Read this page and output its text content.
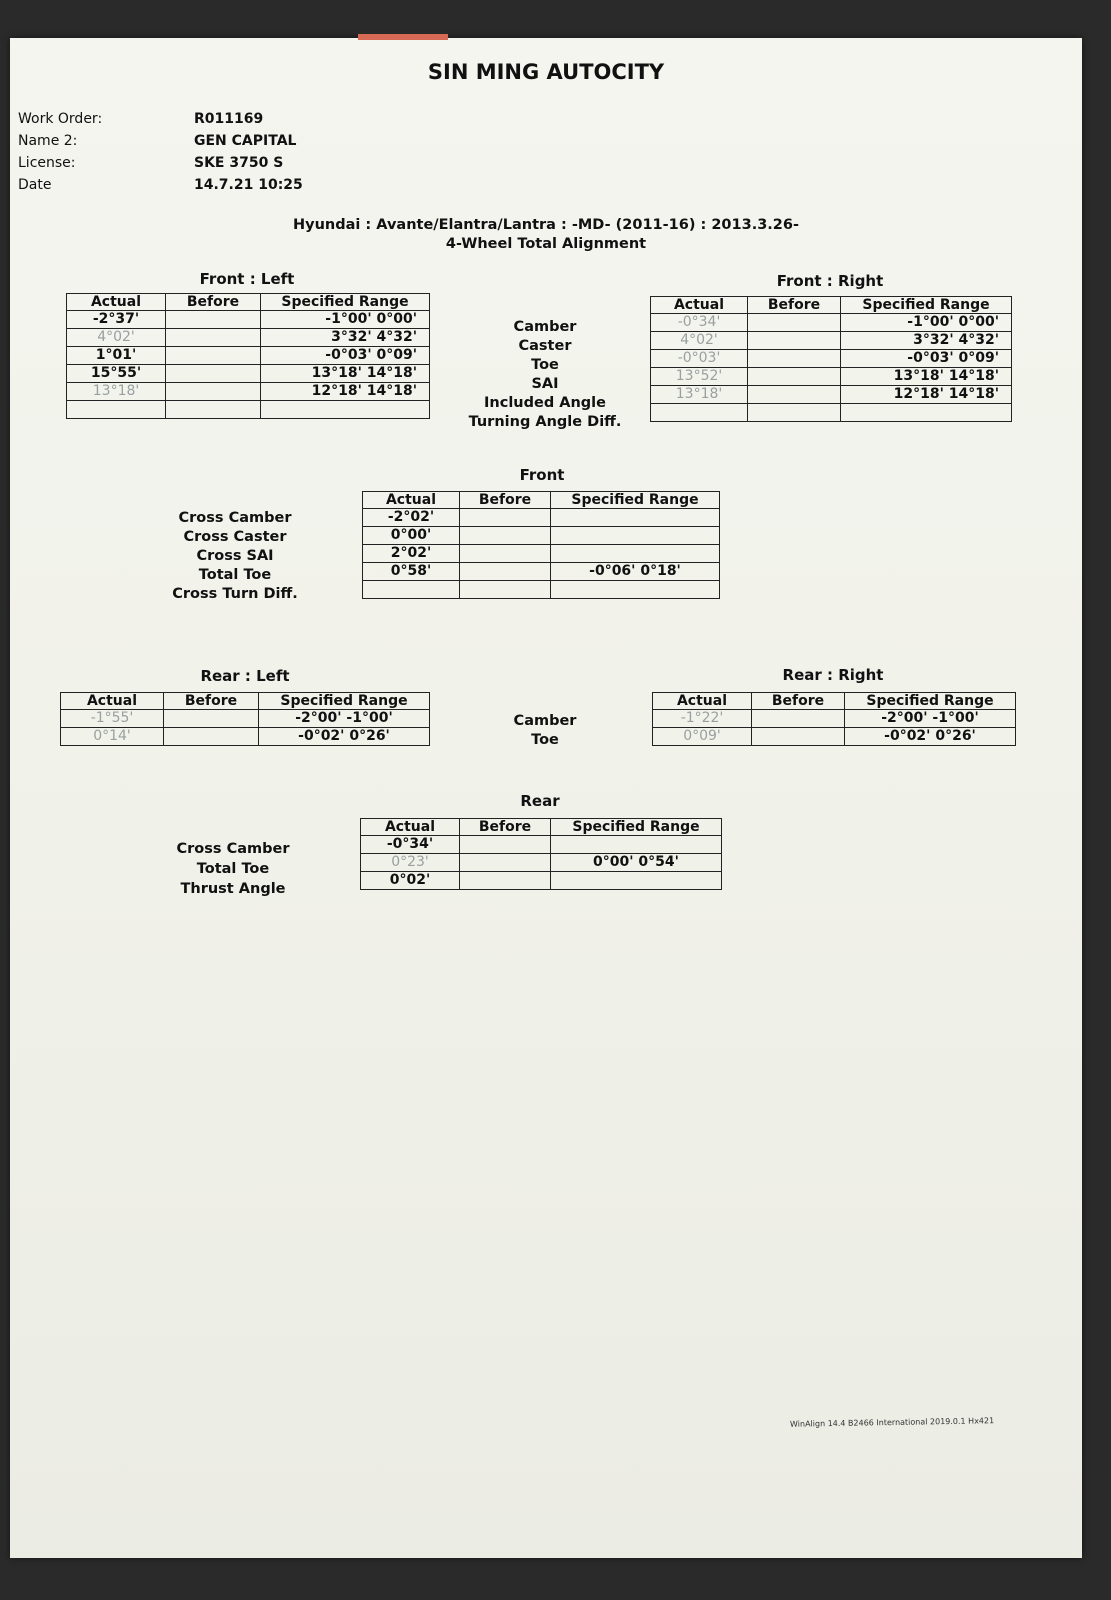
SIN MING AUTOCITY
Work Order:	R011169
Name 2:	GEN CAPITAL
License:	SKE 3750 S
Date	14.7.21 10:25
Hyundai : Avante/Elantra/Lantra : -MD- (2011-16) : 2013.3.26-
4-Wheel Total Alignment
Front : Left
Actual	Before	Specified Range
-2°37'		-1°00' 0°00'
4°02'		3°32' 4°32'
1°01'		-0°03' 0°09'
15°55'		13°18' 14°18'
13°18'		12°18' 14°18'

Camber
Caster
Toe
SAI
Included Angle
Turning Angle Diff.
Front : Right
Actual	Before	Specified Range
-0°34'		-1°00' 0°00'
4°02'		3°32' 4°32'
-0°03'		-0°03' 0°09'
13°52'		13°18' 14°18'
13°18'		12°18' 14°18'

Front
Cross Camber
Cross Caster
Cross SAI
Total Toe
Cross Turn Diff.
Actual	Before	Specified Range
-2°02'		
0°00'		
2°02'		
0°58'		-0°06' 0°18'

Rear : Left
Actual	Before	Specified Range
-1°55'		-2°00' -1°00'
0°14'		-0°02' 0°26'
Camber
Toe
Rear : Right
Actual	Before	Specified Range
-1°22'		-2°00' -1°00'
0°09'		-0°02' 0°26'
Rear
Cross Camber
Total Toe
Thrust Angle
Actual	Before	Specified Range
-0°34'		
0°23'		0°00' 0°54'
0°02'		
WinAlign 14.4 B2466 International 2019.0.1 Hx421
